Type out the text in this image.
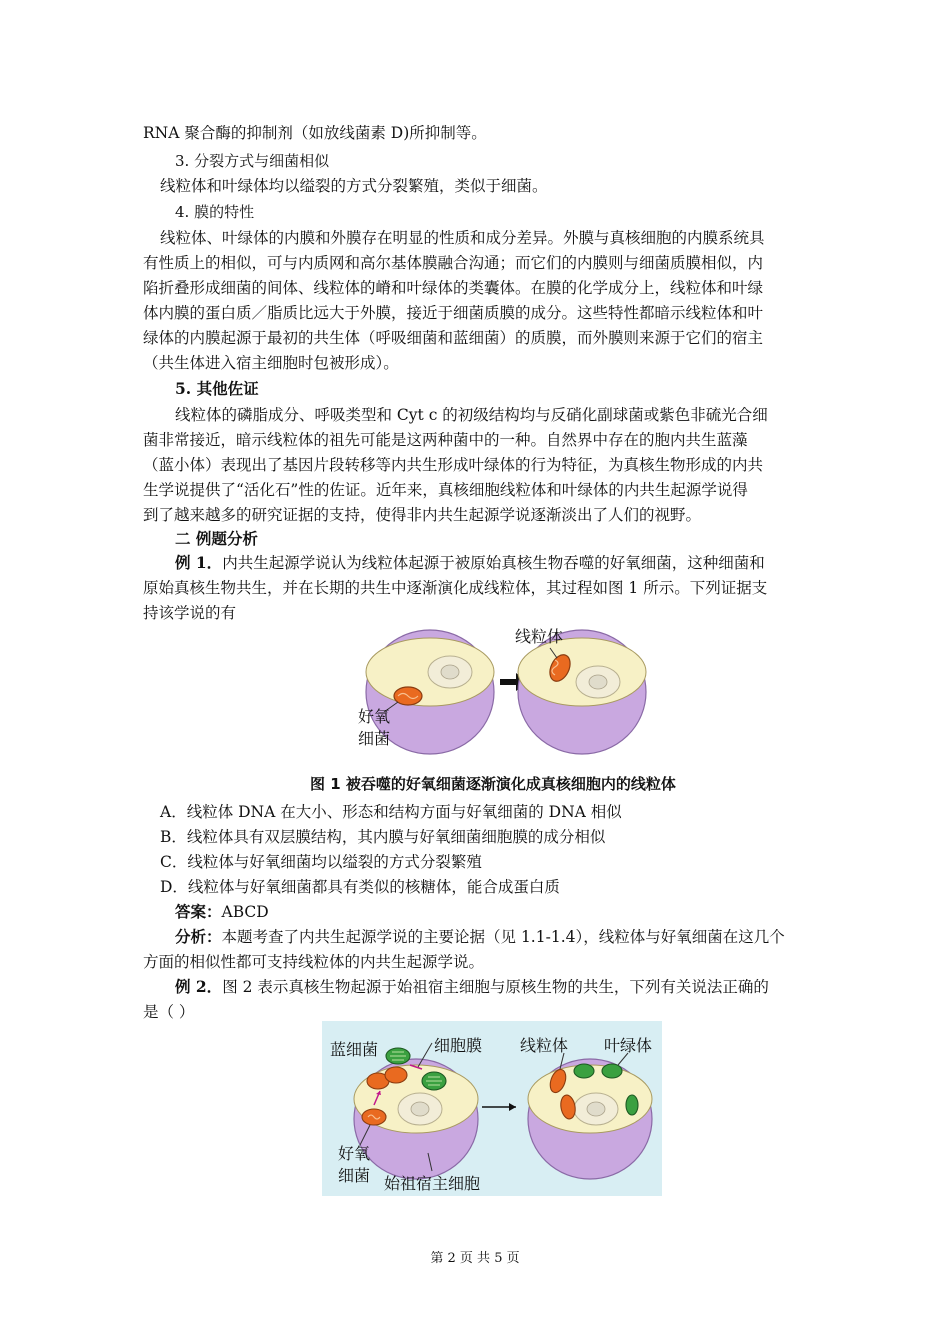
RNA 聚合酶的抑制剂（如放线菌素 D)所抑制等。
3. 分裂方式与细菌相似
线粒体和叶绿体均以缢裂的方式分裂繁殖，类似于细菌。
4. 膜的特性
线粒体、叶绿体的内膜和外膜存在明显的性质和成分差异。外膜与真核细胞的内膜系统具
有性质上的相似，可与内质网和高尔基体膜融合沟通；而它们的内膜则与细菌质膜相似，内
陷折叠形成细菌的间体、线粒体的嵴和叶绿体的类囊体。在膜的化学成分上，线粒体和叶绿
体内膜的蛋白质／脂质比远大于外膜，接近于细菌质膜的成分。这些特性都暗示线粒体和叶
绿体的内膜起源于最初的共生体（呼吸细菌和蓝细菌）的质膜，而外膜则来源于它们的宿主
（共生体进入宿主细胞时包被形成）。
5. 其他佐证
线粒体的磷脂成分、呼吸类型和 Cyt c 的初级结构均与反硝化副球菌或紫色非硫光合细
菌非常接近，暗示线粒体的祖先可能是这两种菌中的一种。自然界中存在的胞内共生蓝藻
（蓝小体）表现出了基因片段转移等内共生形成叶绿体的行为特征，为真核生物形成的内共
生学说提供了“活化石”性的佐证。近年来，真核细胞线粒体和叶绿体的内共生起源学说得
到了越来越多的研究证据的支持，使得非内共生起源学说逐渐淡出了人们的视野。
二 例题分析
例 1．内共生起源学说认为线粒体起源于被原始真核生物吞噬的好氧细菌，这种细菌和
原始真核生物共生，并在长期的共生中逐渐演化成线粒体，其过程如图 1 所示。下列证据支
持该学说的有
线粒体
好氧
细菌
图 1 被吞噬的好氧细菌逐渐演化成真核细胞内的线粒体
A．线粒体 DNA 在大小、形态和结构方面与好氧细菌的 DNA 相似
B．线粒体具有双层膜结构，其内膜与好氧细菌细胞膜的成分相似
C．线粒体与好氧细菌均以缢裂的方式分裂繁殖
D．线粒体与好氧细菌都具有类似的核糖体，能合成蛋白质
答案：ABCD
分析：本题考查了内共生起源学说的主要论据（见 1.1-1.4），线粒体与好氧细菌在这几个
方面的相似性都可支持线粒体的内共生起源学说。
例 2．图 2 表示真核生物起源于始祖宿主细胞与原核生物的共生，下列有关说法正确的
是（ ）
蓝细菌	细胞膜 线粒体 叶绿体
好氧
细菌 始祖宿主细胞
第 2 页 共 5 页
